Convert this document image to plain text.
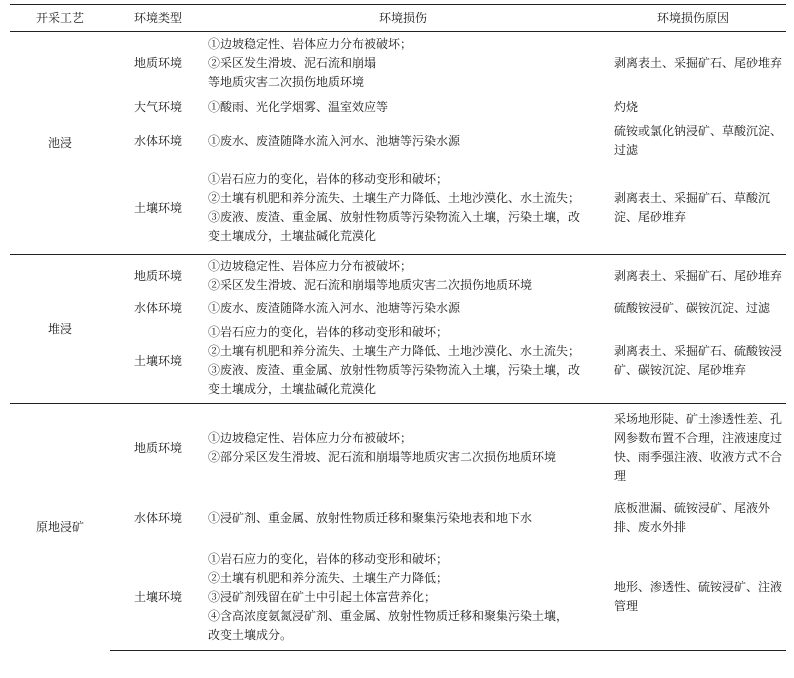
开采工艺	环境类型	环境损伤	环境损伤原因
池浸	地质环境	①边坡稳定性、岩体应力分布被破坏；
②采区发生滑坡、泥石流和崩塌
等地质灾害二次损伤地质环境	剥离表土、采掘矿石、尾砂堆弃

	大气环境	①酸雨、光化学烟雾、温室效应等	灼烧

	水体环境	①废水、废渣随降水流入河水、池塘等污染水源	硫铵或氯化钠浸矿、草酸沉淀、过滤

	土壤环境	①岩石应力的变化，岩体的移动变形和破坏；
②土壤有机肥和养分流失、土壤生产力降低、土地沙漠化、水土流失；
③废液、废渣、重金属、放射性物质等污染物流入土壤，污染土壤，改
变土壤成分，土壤盐碱化荒漠化	剥离表土、采掘矿石、草酸沉淀、尾砂堆弃

堆浸	地质环境	①边坡稳定性、岩体应力分布被破坏；
②采区发生滑坡、泥石流和崩塌等地质灾害二次损伤地质环境	剥离表土、采掘矿石、尾砂堆弃

	水体环境	①废水、废渣随降水流入河水、池塘等污染水源	硫酸铵浸矿、碳铵沉淀、过滤

	土壤环境	①岩石应力的变化，岩体的移动变形和破坏；
②土壤有机肥和养分流失、土壤生产力降低、土地沙漠化、水土流失；
③废液、废渣、重金属、放射性物质等污染物流入土壤，污染土壤，改
变土壤成分，土壤盐碱化荒漠化	剥离表土、采掘矿石、硫酸铵浸矿、碳铵沉淀、尾砂堆弃

原地浸矿	地质环境	①边坡稳定性、岩体应力分布被破坏；
②部分采区发生滑坡、泥石流和崩塌等地质灾害二次损伤地质环境	采场地形陡、矿土渗透性差、孔网参数布置不合理，注液速度过快、雨季强注液、收液方式不合理

	水体环境	①浸矿剂、重金属、放射性物质迁移和聚集污染地表和地下水	底板泄漏、硫铵浸矿、尾液外排、废水外排

	土壤环境	①岩石应力的变化，岩体的移动变形和破坏；
②土壤有机肥和养分流失、土壤生产力降低；
③浸矿剂残留在矿土中引起土体富营养化；
④含高浓度氨氮浸矿剂、重金属、放射性物质迁移和聚集污染土壤，
改变土壤成分。	地形、渗透性、硫铵浸矿、注液管理
